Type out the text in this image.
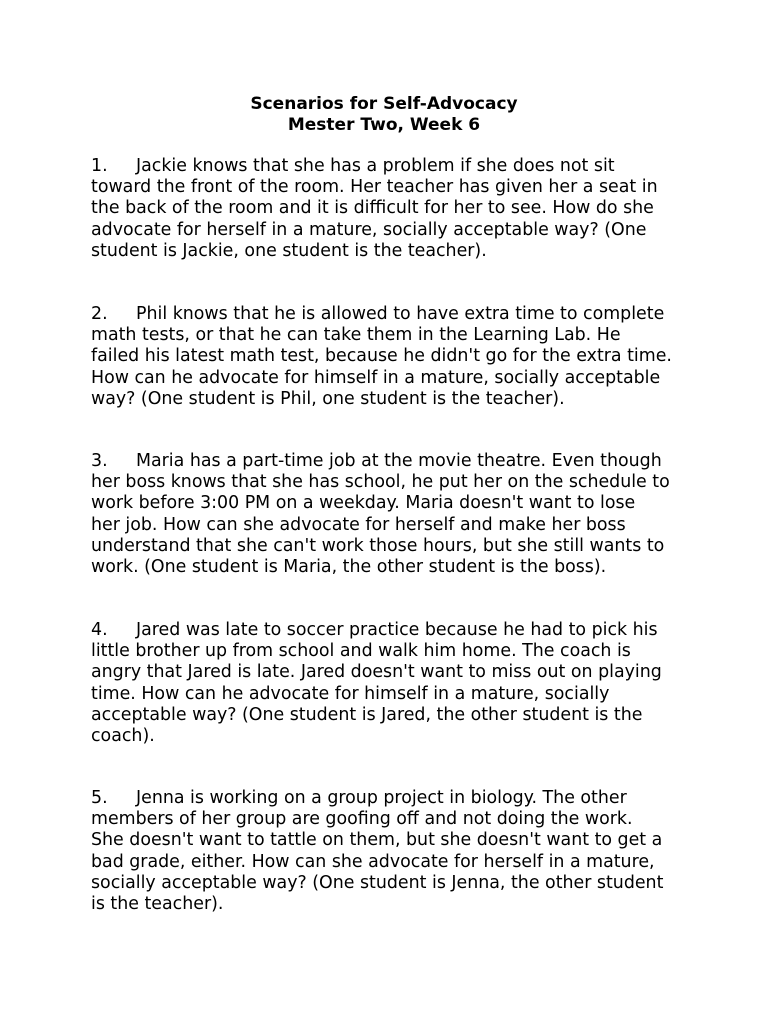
Scenarios for Self-Advocacy
Mester Two, Week 6
1. Jackie knows that she has a problem if she does not sit
toward the front of the room. Her teacher has given her a seat in
the back of the room and it is difficult for her to see. How do she
advocate for herself in a mature, socially acceptable way? (One
student is Jackie, one student is the teacher).
2. Phil knows that he is allowed to have extra time to complete
math tests, or that he can take them in the Learning Lab. He
failed his latest math test, because he didn't go for the extra time.
How can he advocate for himself in a mature, socially acceptable
way? (One student is Phil, one student is the teacher).
3. Maria has a part-time job at the movie theatre. Even though
her boss knows that she has school, he put her on the schedule to
work before 3:00 PM on a weekday. Maria doesn't want to lose
her job. How can she advocate for herself and make her boss
understand that she can't work those hours, but she still wants to
work. (One student is Maria, the other student is the boss).
4. Jared was late to soccer practice because he had to pick his
little brother up from school and walk him home. The coach is
angry that Jared is late. Jared doesn't want to miss out on playing
time. How can he advocate for himself in a mature, socially
acceptable way? (One student is Jared, the other student is the
coach).
5. Jenna is working on a group project in biology. The other
members of her group are goofing off and not doing the work.
She doesn't want to tattle on them, but she doesn't want to get a
bad grade, either. How can she advocate for herself in a mature,
socially acceptable way? (One student is Jenna, the other student
is the teacher).
